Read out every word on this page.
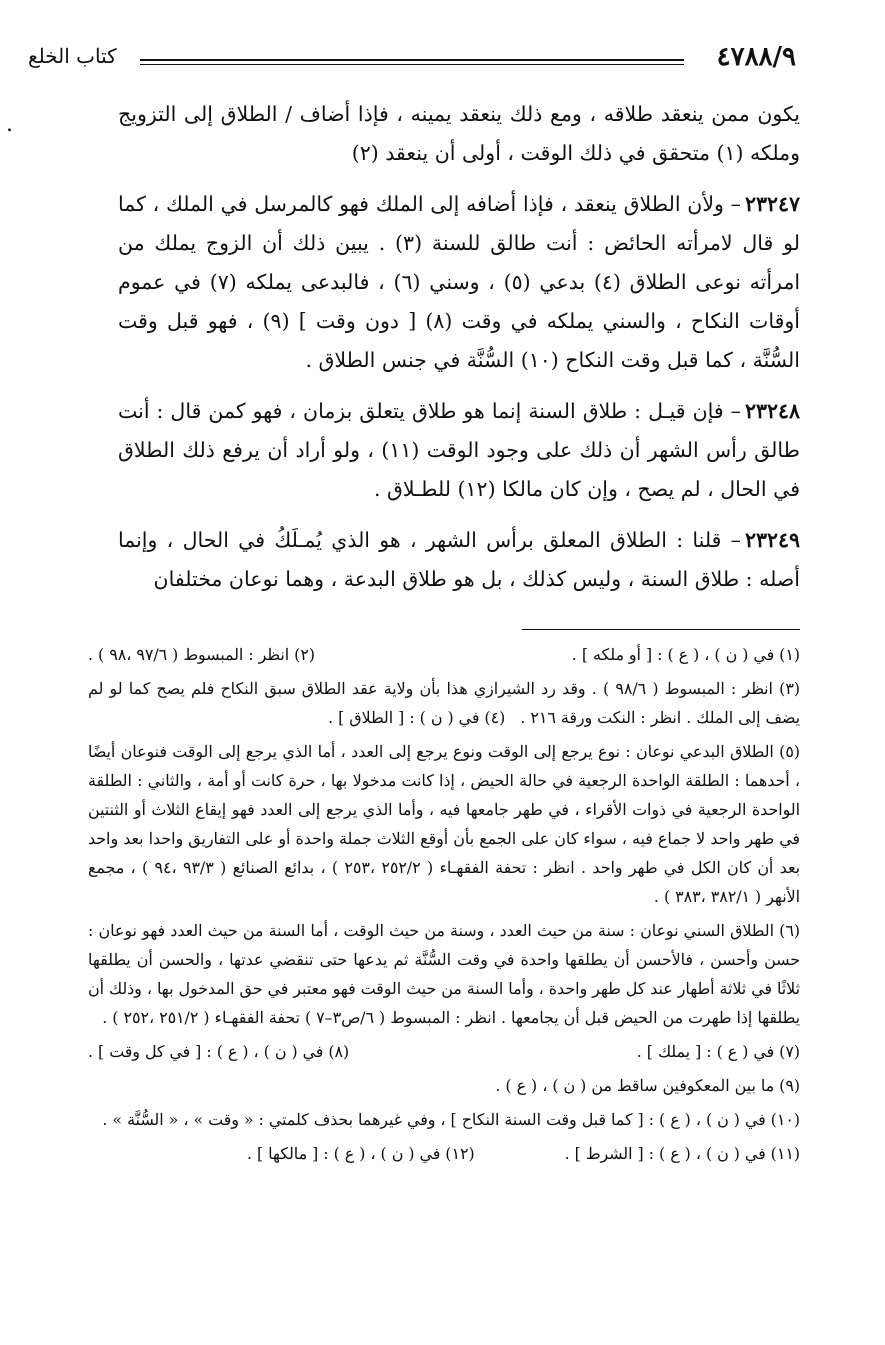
٤٧٨٨/٩
كتاب الخلع
.	يكون ممن ينعقد طلاقه ، ومع ذلك ينعقد يمينه ، فإذا أضاف / الطلاق إلى التزويج وملكه (١) متحقق في ذلك الوقت ، أولى أن ينعقد (٢)

٢٣٢٤٧– ولأن الطلاق ينعقد ، فإذا أضافه إلى الملك فهو كالمرسل في الملك ، كما لو قال لامرأته الحائض : أنت طالق للسنة (٣) . يبين ذلك أن الزوج يملك من امرأته نوعى الطلاق (٤) بدعي (٥) ، وسني (٦) ، فالبدعى يملكه (٧) في عموم أوقات النكاح ، والسني يملكه في وقت (٨) [ دون وقت ] (٩) ، فهو قبل وقت السُّنَّة ، كما قبل وقت النكاح (١٠) السُّنَّة في جنس الطلاق .

٢٣٢٤٨– فإن قيـل : طلاق السنة إنما هو طلاق يتعلق بزمان ، فهو كمن قال : أنت طالق رأس الشهر أن ذلك على وجود الوقت (١١) ، ولو أراد أن يرفع ذلك الطلاق في الحال ، لم يصح ، وإن كان مالكا (١٢) للطـلاق .

٢٣٢٤٩– قلنا : الطلاق المعلق برأس الشهر ، هو الذي يُمـلَكُ في الحال ، وإنما أصله : طلاق السنة ، وليس كذلك ، بل هو طلاق البدعة ، وهما نوعان مختلفان

(١) في ( ن ) ، ( ع ) : [ أو ملكه ] .
(٢) انظر : المبسوط ( ٩٧/٦ ،٩٨ ) .

(٣) انظر : المبسوط ( ٩٨/٦ ) . وقد رد الشيرازي هذا بأن ولاية عقد الطلاق سبق النكاح فلم يصح كما لو لم يضف إلى الملك . انظر : النكت ورقة ٢١٦ .   (٤) في ( ن ) : [ الطلاق ] .

(٥) الطلاق البدعي نوعان : نوع يرجع إلى الوقت ونوع يرجع إلى العدد ، أما الذي يرجع إلى الوقت فنوعان أيضًا ، أحدهما : الطلقة الواحدة الرجعية في حالة الحيض ، إذا كانت مدخولا بها ، حرة كانت أو أمة ، والثاني : الطلقة الواحدة الرجعية في ذوات الأقراء ، في طهر جامعها فيه ، وأما الذي يرجع إلى العدد فهو إيقاع الثلاث أو الثنتين في طهر واحد لا جماع فيه ، سواء كان على الجمع بأن أوقع الثلاث جملة واحدة أو على التفاريق واحدا بعد واحد بعد أن كان الكل في طهر واحد . انظر : تحفة الفقهـاء ( ٢٥٢/٢ ،٢٥٣ ) ، بدائع الصنائع ( ٩٣/٣ ،٩٤ ) ، مجمع الأنهر ( ٣٨٢/١ ،٣٨٣ ) .

(٦) الطلاق السني نوعان : سنة من حيث العدد ، وسنة من حيث الوقت ، أما السنة من حيث العدد فهو نوعان : حسن وأحسن ، فالأحسن أن يطلقها واحدة في وقت السُّنَّة ثم يدعها حتى تنقضي عدتها ، والحسن أن يطلقها ثلاثًا في ثلاثة أطهار عند كل طهر واحدة ، وأما السنة من حيث الوقت فهو معتبر في حق المدخول بها ، وذلك أن يطلقها إذا طهرت من الحيض قبل أن يجامعها . انظر : المبسوط ( ٦/ص٣–٧ ) تحفة الفقهـاء ( ٢٥١/٢ ،٢٥٢ ) .

(٧) في ( ع ) : [ يملك ] .
(٨) في ( ن ) ، ( ع ) : [ في كل وقت ] .

(٩) ما بين المعكوفين ساقط من ( ن ) ، ( ع ) .

(١٠) في ( ن ) ، ( ع ) : [ كما قبل وقت السنة النكاح ] ، وفي غيرهما بحذف كلمتي : « وقت » ، « السُّنَّة » .

(١١) في ( ن ) ، ( ع ) : [ الشرط ] .
(١٢) في ( ن ) ، ( ع ) : [ مالكها ] .
